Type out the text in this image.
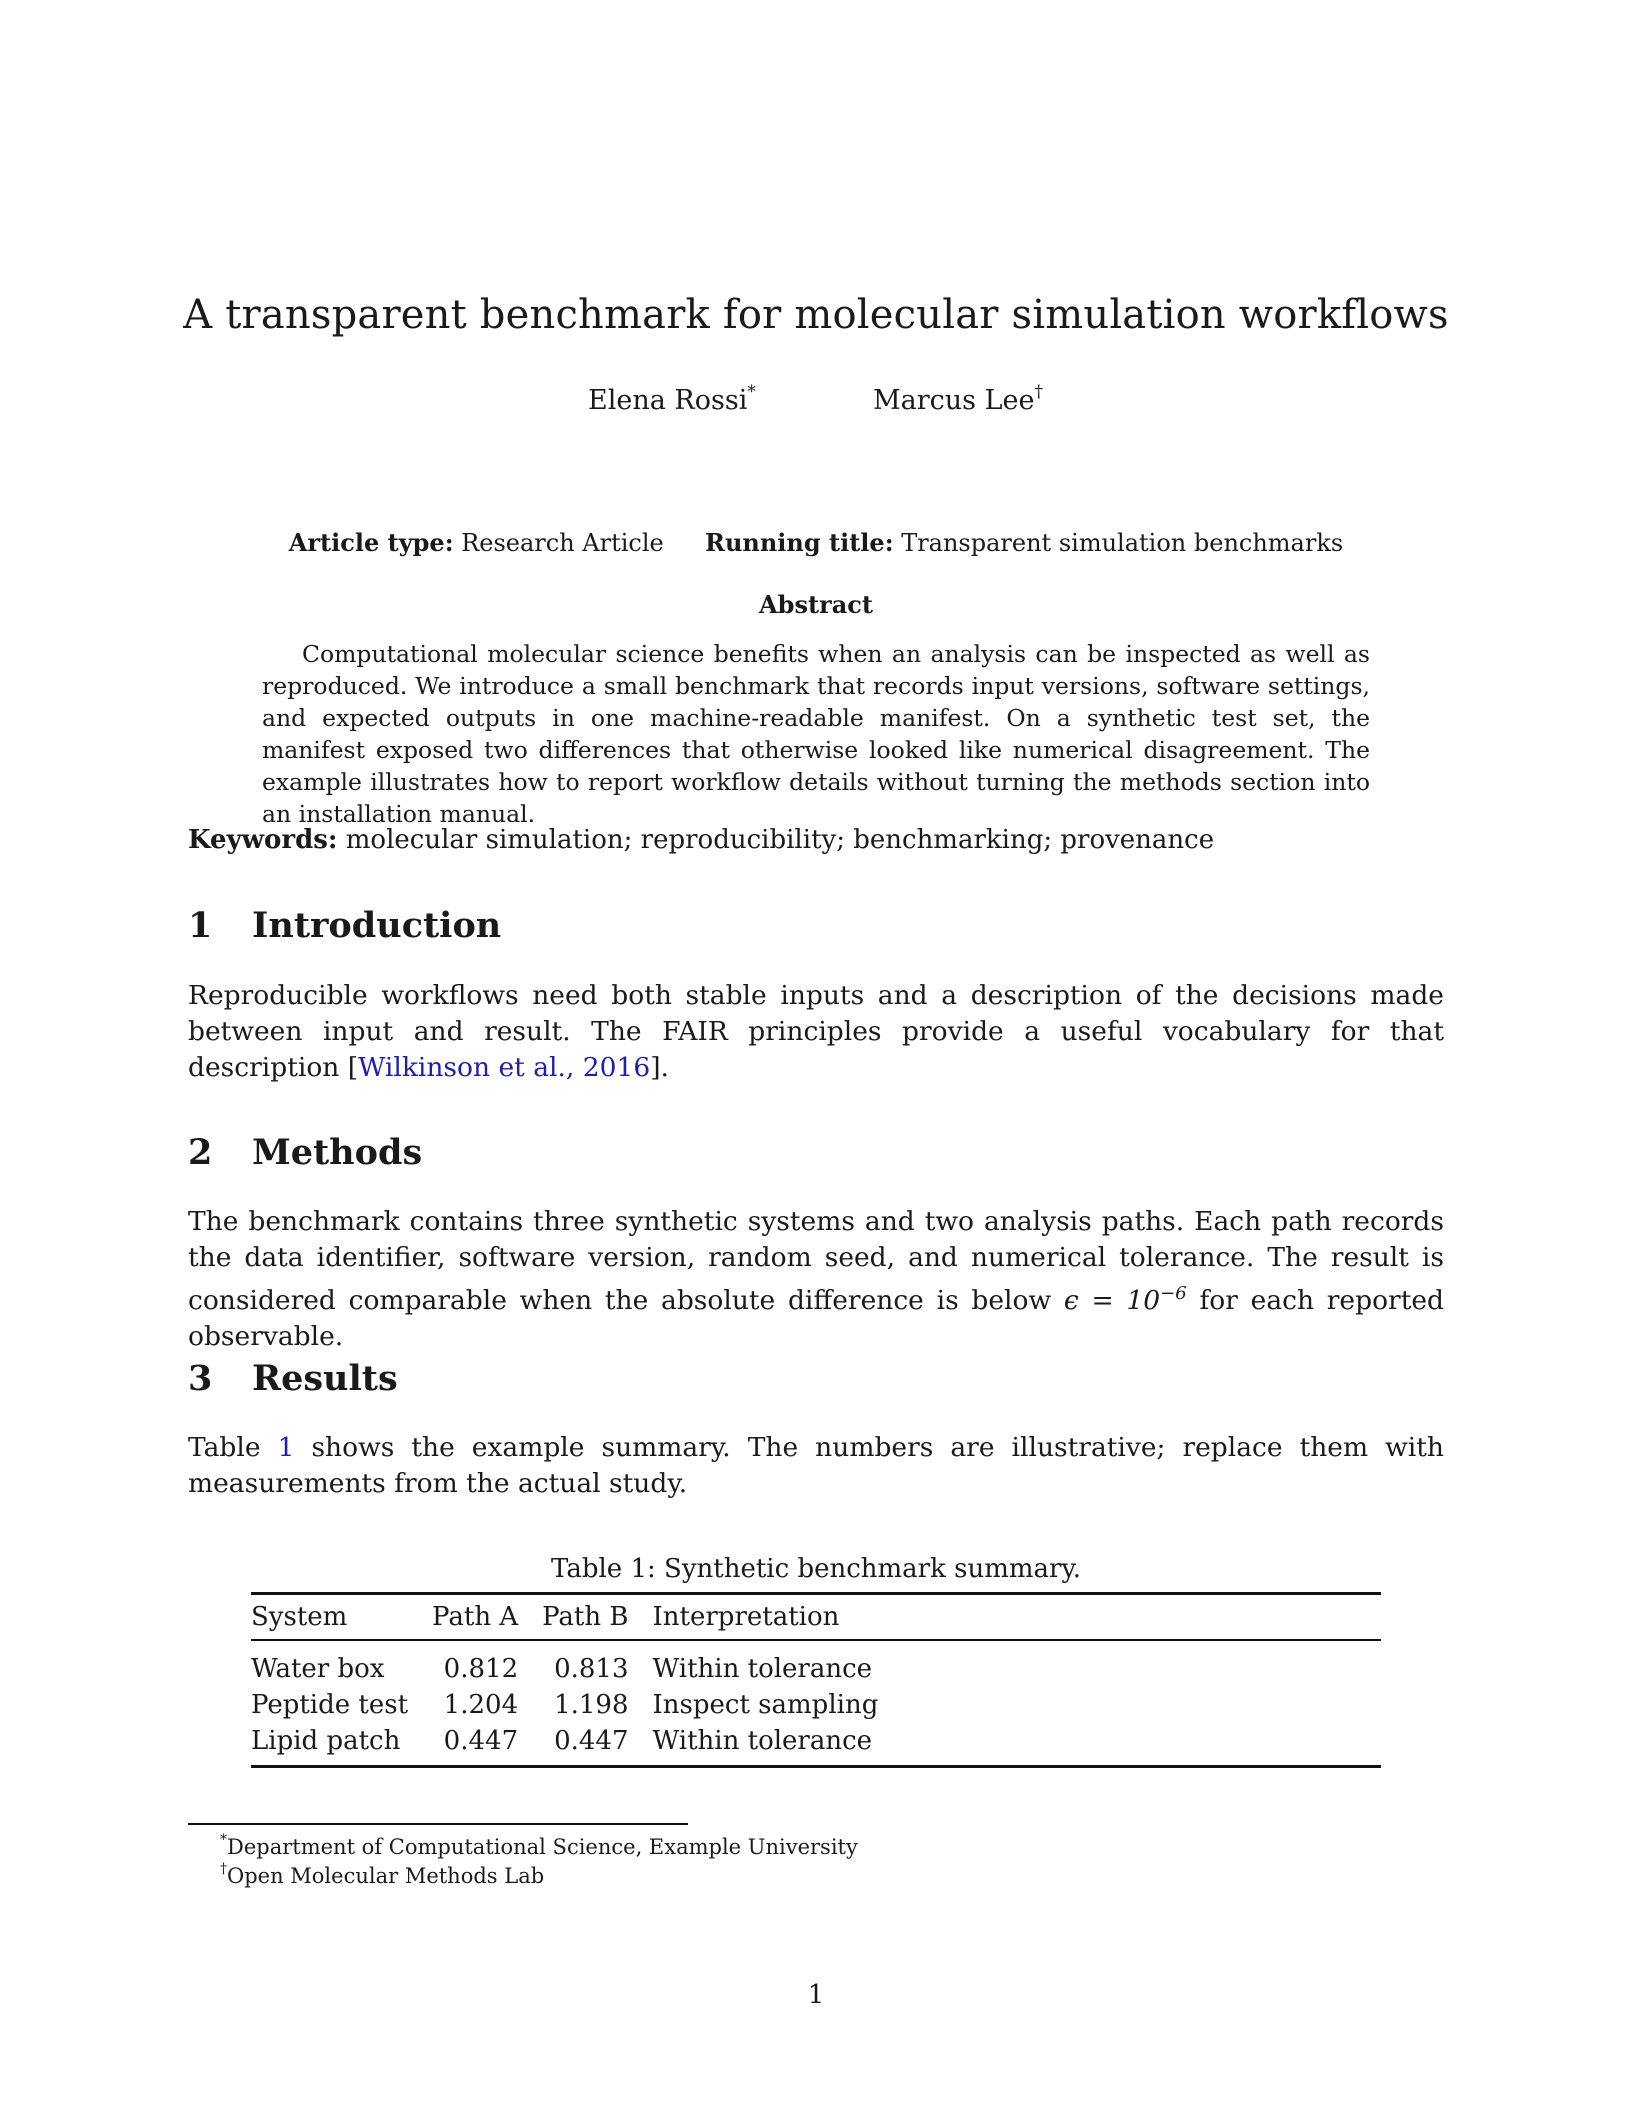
A transparent benchmark for molecular simulation workflows
Elena Rossi*	Marcus Lee†
Article type: Research Article Running title: Transparent simulation benchmarks
Abstract
Computational molecular science benefits when an analysis can be inspected as well as reproduced. We introduce a small benchmark that records input versions, software settings, and expected outputs in one machine-readable manifest. On a synthetic test set, the manifest exposed two differences that otherwise looked like numerical disagreement. The example illustrates how to report workflow details without turning the methods section into an installation manual.
Keywords: molecular simulation; reproducibility; benchmarking; provenance
1 Introduction
Reproducible workflows need both stable inputs and a description of the decisions made between input and result. The FAIR principles provide a useful vocabulary for that description [Wilkinson et al., 2016].
2 Methods
The benchmark contains three synthetic systems and two analysis paths. Each path records the data identifier, software version, random seed, and numerical tolerance. The result is considered comparable when the absolute difference is below $\epsilon = 10^{-6}$ for each reported observable.
3 Results
Table 1 shows the example summary. The numbers are illustrative; replace them with measurements from the actual study.
Table 1: Synthetic benchmark summary.
System	Path A	Path B	Interpretation
Water box	0.812	0.813	Within tolerance
Peptide test	1.204	1.198	Inspect sampling
Lipid patch	0.447	0.447	Within tolerance
*Department of Computational Science, Example University
†Open Molecular Methods Lab
1
